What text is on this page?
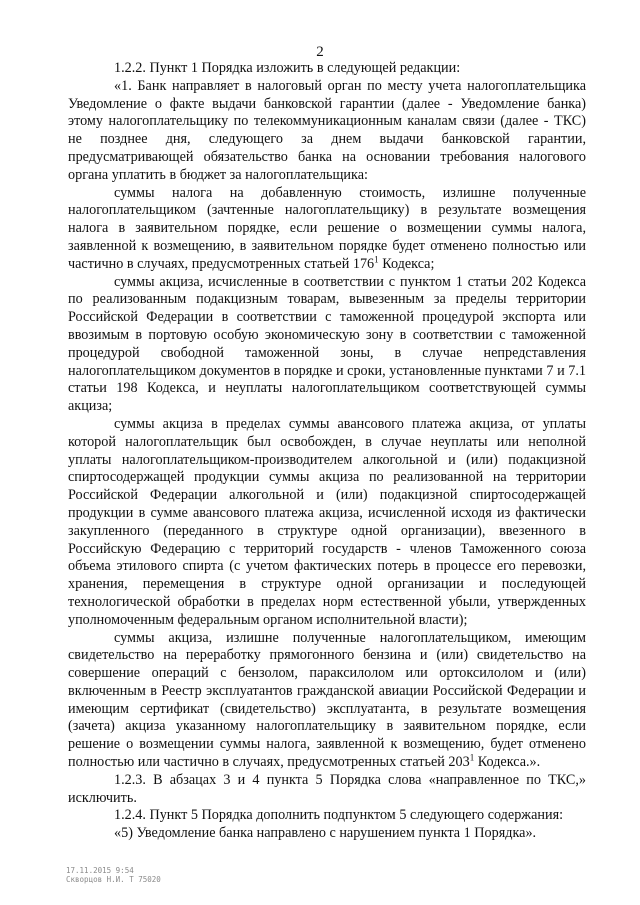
2

1.2.2. Пункт 1 Порядка изложить в следующей редакции:

«1. Банк направляет в налоговый орган по месту учета налогоплательщика Уведомление о факте выдачи банковской гарантии (далее - Уведомление банка) этому налогоплательщику по телекоммуникационным каналам связи (далее - ТКС) не позднее дня, следующего за днем выдачи банковской гарантии, предусматривающей обязательство банка на основании требования налогового органа уплатить в бюджет за налогоплательщика:

суммы налога на добавленную стоимость, излишне полученные налогоплательщиком (зачтенные налогоплательщику) в результате возмещения налога в заявительном порядке, если решение о возмещении суммы налога, заявленной к возмещению, в заявительном порядке будет отменено полностью или частично в случаях, предусмотренных статьей $176^1$ Кодекса;

суммы акциза, исчисленные в соответствии с пунктом 1 статьи 202 Кодекса по реализованным подакцизным товарам, вывезенным за пределы территории Российской Федерации в соответствии с таможенной процедурой экспорта или ввозимым в портовую особую экономическую зону в соответствии с таможенной процедурой свободной таможенной зоны, в случае непредставления налогоплательщиком документов в порядке и сроки, установленные пунктами 7 и 7.1 статьи 198 Кодекса, и неуплаты налогоплательщиком соответствующей суммы акциза;

суммы акциза в пределах суммы авансового платежа акциза, от уплаты которой налогоплательщик был освобожден, в случае неуплаты или неполной уплаты налогоплательщиком-производителем алкогольной и (или) подакцизной спиртосодержащей продукции суммы акциза по реализованной на территории Российской Федерации алкогольной и (или) подакцизной спиртосодержащей продукции в сумме авансового платежа акциза, исчисленной исходя из фактически закупленного (переданного в структуре одной организации), ввезенного в Российскую Федерацию с территорий государств - членов Таможенного союза объема этилового спирта (с учетом фактических потерь в процессе его перевозки, хранения, перемещения в структуре одной организации и последующей технологической обработки в пределах норм естественной убыли, утвержденных уполномоченным федеральным органом исполнительной власти);

суммы акциза, излишне полученные налогоплательщиком, имеющим свидетельство на переработку прямогонного бензина и (или) свидетельство на совершение операций с бензолом, параксилолом или ортоксилолом и (или) включенным в Реестр эксплуатантов гражданской авиации Российской Федерации и имеющим сертификат (свидетельство) эксплуатанта, в результате возмещения (зачета) акциза указанному налогоплательщику в заявительном порядке, если решение о возмещении суммы налога, заявленной к возмещению, будет отменено полностью или частично в случаях, предусмотренных статьей $203^1$ Кодекса.».

1.2.3. В абзацах 3 и 4 пункта 5 Порядка слова «направленное по ТКС,» исключить.

1.2.4. Пункт 5 Порядка дополнить подпунктом 5 следующего содержания:

«5) Уведомление банка направлено с нарушением пункта 1 Порядка».

17.11.2015 9:54
Скворцов Н.И. Т 75020
